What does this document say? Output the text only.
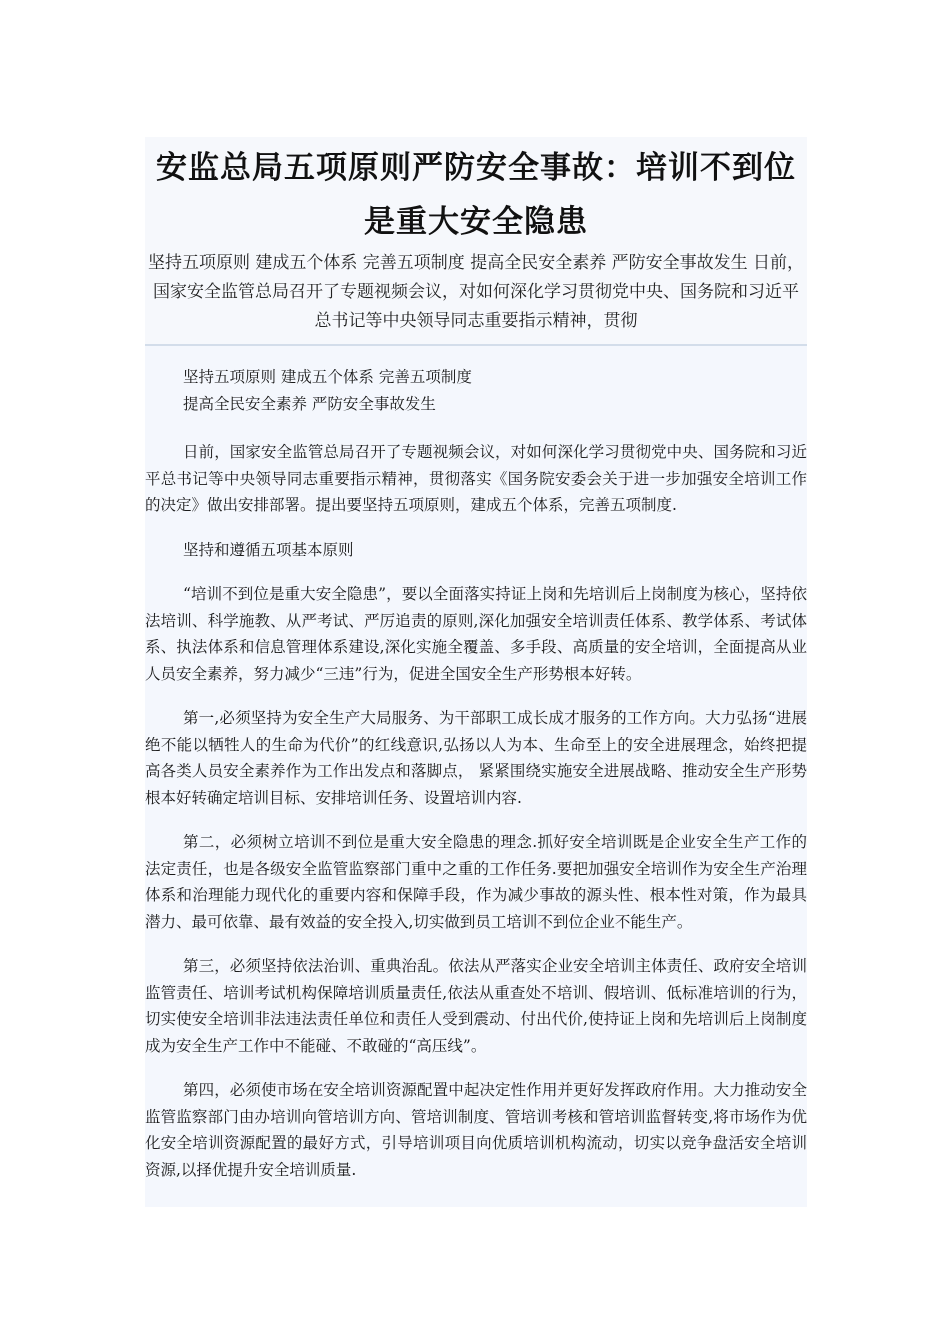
安监总局五项原则严防安全事故：培训不到位是重大安全隐患

坚持五项原则 建成五个体系 完善五项制度 提高全民安全素养 严防安全事故发生 日前，国家安全监管总局召开了专题视频会议，对如何深化学习贯彻党中央、国务院和习近平总书记等中央领导同志重要指示精神，贯彻

坚持五项原则 建成五个体系 完善五项制度

提高全民安全素养 严防安全事故发生

日前，国家安全监管总局召开了专题视频会议，对如何深化学习贯彻党中央、国务院和习近平总书记等中央领导同志重要指示精神，贯彻落实《国务院安委会关于进一步加强安全培训工作的决定》做出安排部署。提出要坚持五项原则，建成五个体系，完善五项制度.

坚持和遵循五项基本原则

“培训不到位是重大安全隐患”，要以全面落实持证上岗和先培训后上岗制度为核心，坚持依法培训、科学施教、从严考试、严厉追责的原则,深化加强安全培训责任体系、教学体系、考试体系、执法体系和信息管理体系建设,深化实施全覆盖、多手段、高质量的安全培训，全面提高从业人员安全素养，努力减少“三违”行为，促进全国安全生产形势根本好转。

第一,必须坚持为安全生产大局服务、为干部职工成长成才服务的工作方向。大力弘扬“进展绝不能以牺牲人的生命为代价”的红线意识,弘扬以人为本、生命至上的安全进展理念，始终把提高各类人员安全素养作为工作出发点和落脚点， 紧紧围绕实施安全进展战略、推动安全生产形势根本好转确定培训目标、安排培训任务、设置培训内容.

第二，必须树立培训不到位是重大安全隐患的理念.抓好安全培训既是企业安全生产工作的法定责任，也是各级安全监管监察部门重中之重的工作任务.要把加强安全培训作为安全生产治理体系和治理能力现代化的重要内容和保障手段，作为减少事故的源头性、根本性对策，作为最具潜力、最可依靠、最有效益的安全投入,切实做到员工培训不到位企业不能生产。

第三，必须坚持依法治训、重典治乱。依法从严落实企业安全培训主体责任、政府安全培训监管责任、培训考试机构保障培训质量责任,依法从重查处不培训、假培训、低标准培训的行为，切实使安全培训非法违法责任单位和责任人受到震动、付出代价,使持证上岗和先培训后上岗制度成为安全生产工作中不能碰、不敢碰的“高压线”。

第四，必须使市场在安全培训资源配置中起决定性作用并更好发挥政府作用。大力推动安全监管监察部门由办培训向管培训方向、管培训制度、管培训考核和管培训监督转变,将市场作为优化安全培训资源配置的最好方式，引导培训项目向优质培训机构流动，切实以竞争盘活安全培训资源,以择优提升安全培训质量.
